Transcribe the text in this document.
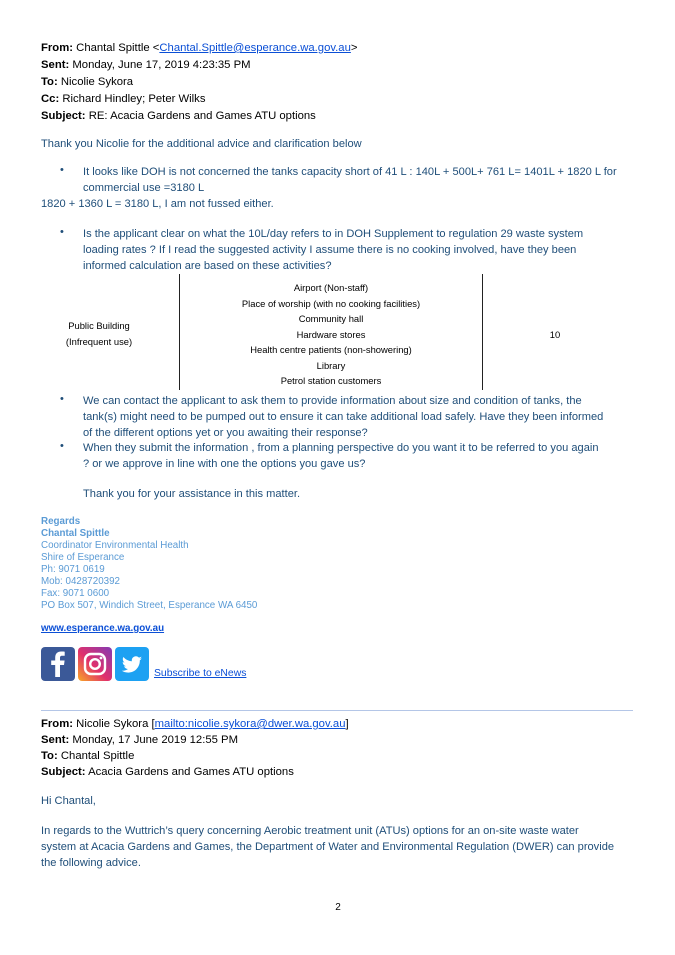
From: Chantal Spittle <Chantal.Spittle@esperance.wa.gov.au>
Sent: Monday, June 17, 2019 4:23:35 PM
To: Nicolie Sykora
Cc: Richard Hindley; Peter Wilks
Subject: RE: Acacia Gardens and Games ATU options
Thank you Nicolie for the additional advice and clarification below
• It looks like DOH is not concerned the tanks capacity short of 41 L : 140L + 500L+ 761 L= 1401L + 1820 L for
commercial use =3180 L
1820 + 1360 L = 3180 L, I am not fussed either.
• Is the applicant clear on what the 10L/day refers to in DOH Supplement to regulation 29 waste system
loading rates ? If I read the suggested activity I assume there is no cooking involved, have they been
informed calculation are based on these activities?
Public Building
(Infrequent use)
Airport (Non-staff)
Place of worship (with no cooking facilities)
Community hall
Hardware stores
Health centre patients (non-showering)
Library
Petrol station customers
10
• We can contact the applicant to ask them to provide information about size and condition of tanks, the
tank(s) might need to be pumped out to ensure it can take additional load safely. Have they been informed
of the different options yet or you awaiting their response?
• When they submit the information , from a planning perspective do you want it to be referred to you again
? or we approve in line with one the options you gave us?
Thank you for your assistance in this matter.
Regards
Chantal Spittle
Coordinator Environmental Health
Shire of Esperance
Ph: 9071 0619
Mob: 0428720392
Fax: 9071 0600
PO Box 507, Windich Street, Esperance WA 6450
www.esperance.wa.gov.au
Subscribe to eNews
From: Nicolie Sykora [mailto:nicolie.sykora@dwer.wa.gov.au]
Sent: Monday, 17 June 2019 12:55 PM
To: Chantal Spittle
Subject: Acacia Gardens and Games ATU options
Hi Chantal,
In regards to the Wuttrich’s query concerning Aerobic treatment unit (ATUs) options for an on-site waste water
system at Acacia Gardens and Games, the Department of Water and Environmental Regulation (DWER) can provide
the following advice.
2
